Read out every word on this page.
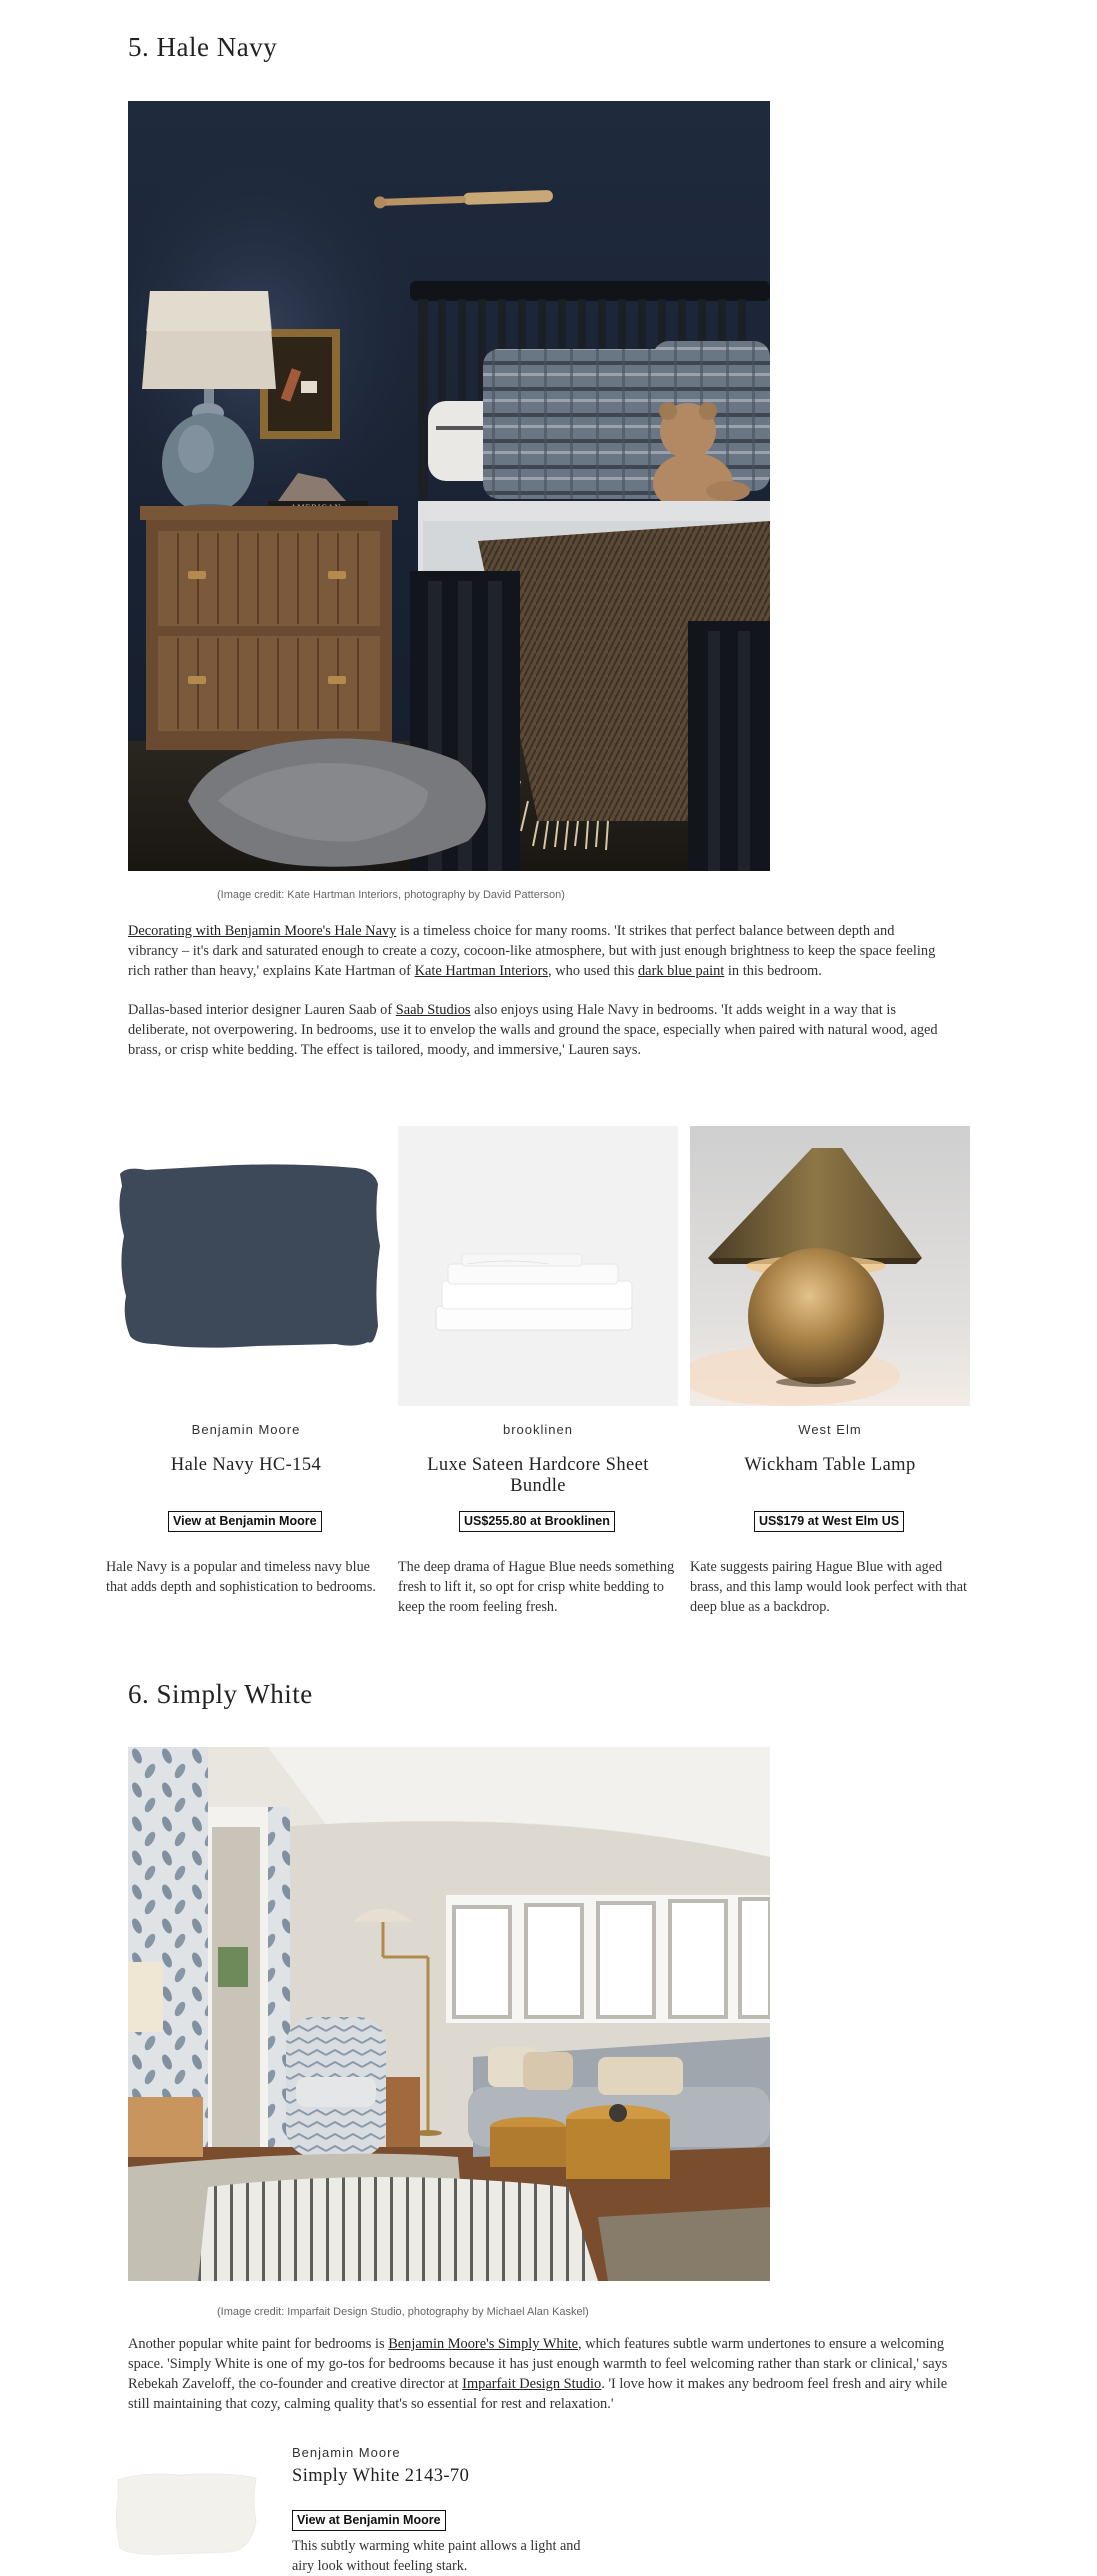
5. Hale Navy
(Image credit: Kate Hartman Interiors, photography by David Patterson)

Decorating with Benjamin Moore's Hale Navy is a timeless choice for many rooms. 'It strikes that perfect balance between depth and vibrancy – it's dark and saturated enough to create a cozy, cocoon-like atmosphere, but with just enough brightness to keep the space feeling rich rather than heavy,' explains Kate Hartman of Kate Hartman Interiors, who used this dark blue paint in this bedroom.

Dallas-based interior designer Lauren Saab of Saab Studios also enjoys using Hale Navy in bedrooms. 'It adds weight in a way that is deliberate, not overpowering. In bedrooms, use it to envelop the walls and ground the space, especially when paired with natural wood, aged brass, or crisp white bedding. The effect is tailored, moody, and immersive,' Lauren says.

Benjamin Moore
Hale Navy HC-154
View at Benjamin Moore

Hale Navy is a popular and timeless navy blue that adds depth and sophistication to bedrooms.

brooklinen
Luxe Sateen Hardcore Sheet Bundle
US$255.80 at Brooklinen

The deep drama of Hague Blue needs something fresh to lift it, so opt for crisp white bedding to keep the room feeling fresh.

West Elm
Wickham Table Lamp
US$179 at West Elm US

Kate suggests pairing Hague Blue with aged brass, and this lamp would look perfect with that deep blue as a backdrop.

6. Simply White
(Image credit: Imparfait Design Studio, photography by Michael Alan Kaskel)

Another popular white paint for bedrooms is Benjamin Moore's Simply White, which features subtle warm undertones to ensure a welcoming space. 'Simply White is one of my go-tos for bedrooms because it has just enough warmth to feel welcoming rather than stark or clinical,' says Rebekah Zaveloff, the co-founder and creative director at Imparfait Design Studio. 'I love how it makes any bedroom feel fresh and airy while still maintaining that cozy, calming quality that's so essential for rest and relaxation.'

Benjamin Moore
Simply White 2143-70
View at Benjamin Moore

This subtly warming white paint allows a light and airy look without feeling stark.
